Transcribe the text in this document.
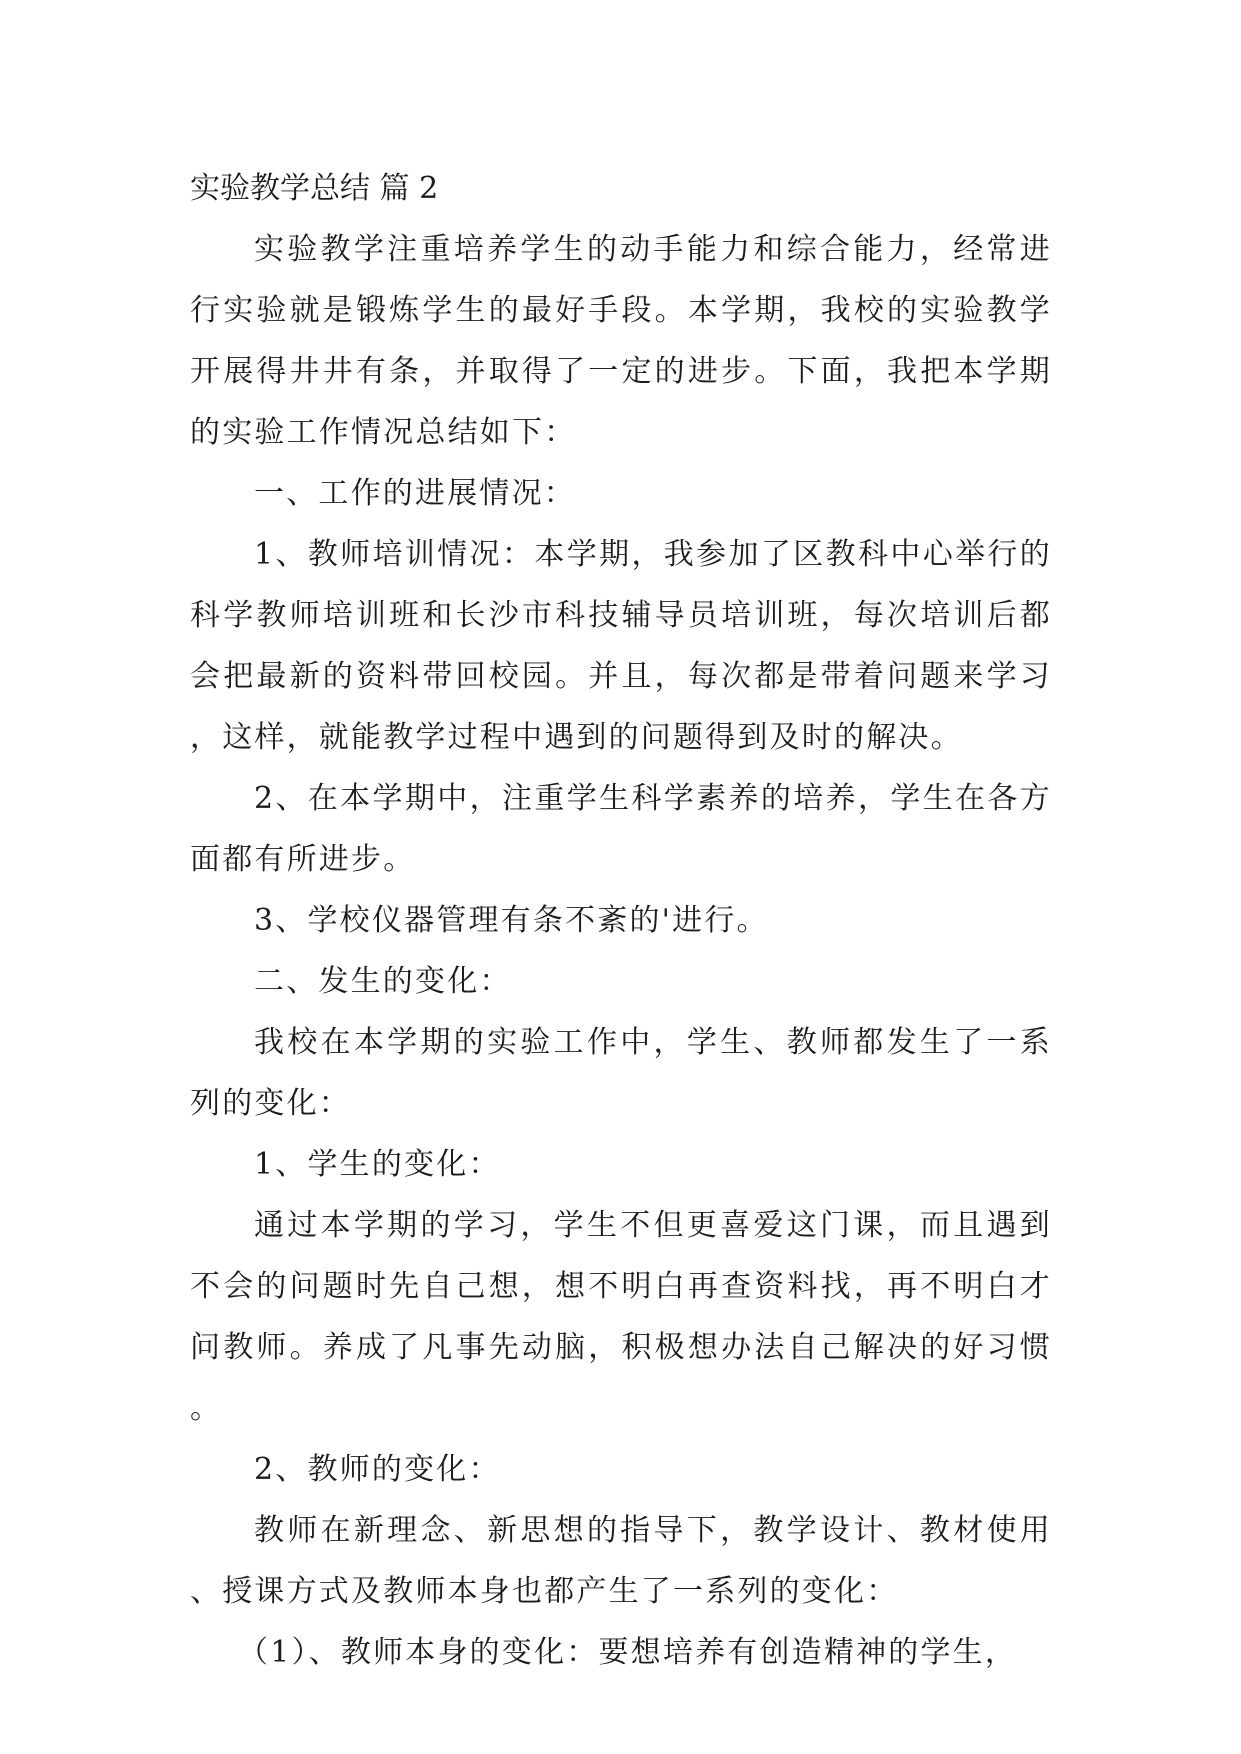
实验教学总结 篇 2

实验教学注重培养学生的动手能力和综合能力，经常进行实验就是锻炼学生的最好手段。本学期，我校的实验教学开展得井井有条，并取得了一定的进步。下面，我把本学期的实验工作情况总结如下：

一、工作的进展情况：

1、教师培训情况：本学期，我参加了区教科中心举行的科学教师培训班和长沙市科技辅导员培训班，每次培训后都会把最新的资料带回校园。并且，每次都是带着问题来学习，这样，就能教学过程中遇到的问题得到及时的解决。

2、在本学期中，注重学生科学素养的培养，学生在各方面都有所进步。

3、学校仪器管理有条不紊的'进行。

二、发生的变化：

我校在本学期的实验工作中，学生、教师都发生了一系列的变化：

1、学生的变化：

通过本学期的学习，学生不但更喜爱这门课，而且遇到不会的问题时先自己想，想不明白再查资料找，再不明白才问教师。养成了凡事先动脑，积极想办法自己解决的好习惯。

2、教师的变化：

教师在新理念、新思想的指导下，教学设计、教材使用、授课方式及教师本身也都产生了一系列的变化：

（1）、教师本身的变化：要想培养有创造精神的学生，
